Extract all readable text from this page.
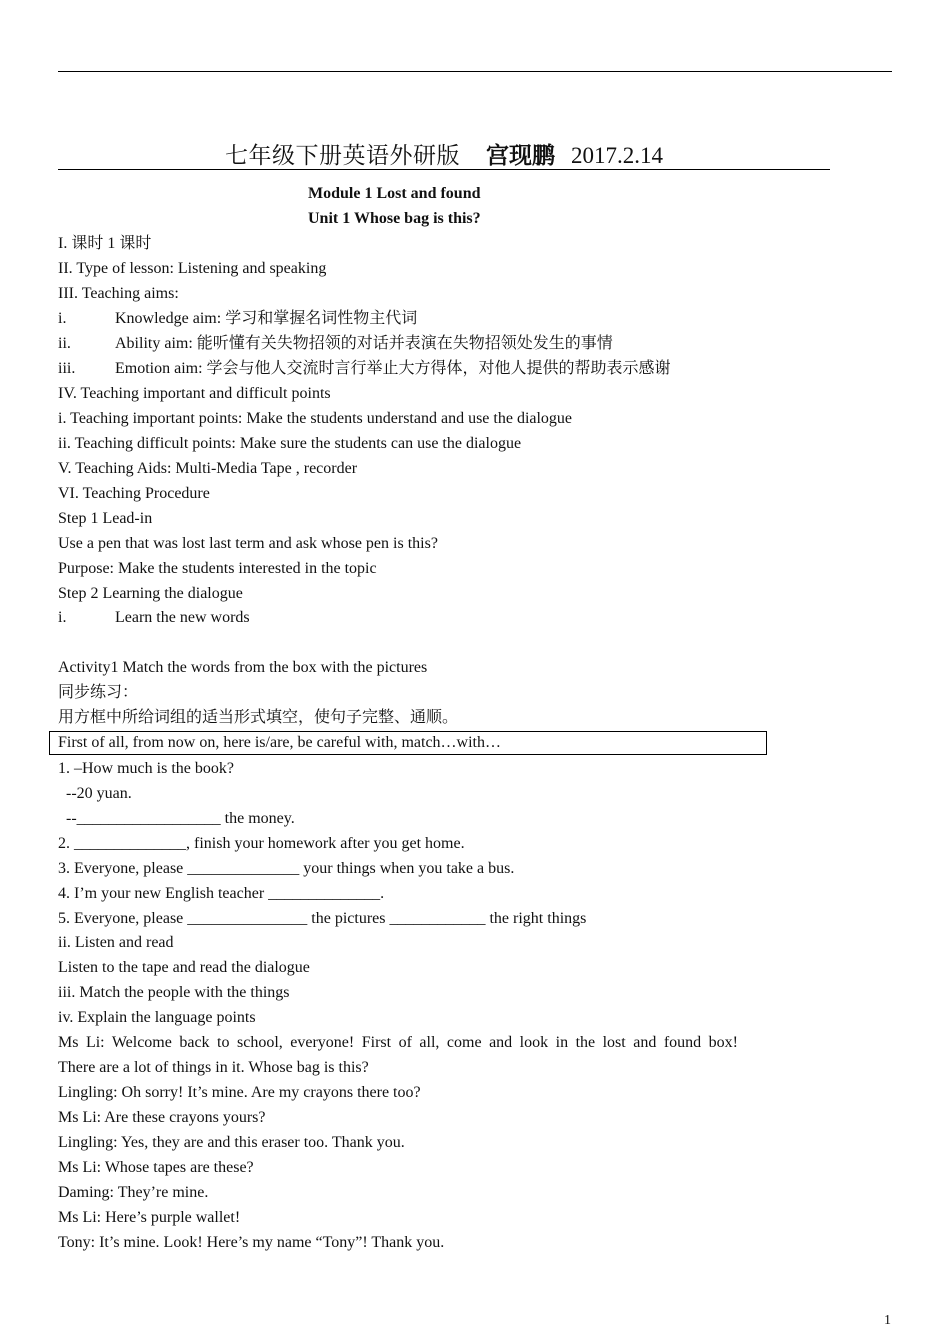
七年级下册英语外研版 宫现鹏 2017.2.14
Module 1 Lost and found
Unit 1 Whose bag is this?
I. 课时 1 课时
II. Type of lesson: Listening and speaking
III. Teaching aims:
i.	Knowledge aim: 学习和掌握名词性物主代词
ii.	Ability aim: 能听懂有关失物招领的对话并表演在失物招领处发生的事情
iii. Emotion aim: 学会与他人交流时言行举止大方得体，对他人提供的帮助表示感谢
IV. Teaching important and difficult points
i. Teaching important points: Make the students understand and use the dialogue
ii. Teaching difficult points: Make sure the students can use the dialogue
V. Teaching Aids: Multi-Media Tape , recorder
VI. Teaching Procedure
Step 1 Lead-in
Use a pen that was lost last term and ask whose pen is this?
Purpose: Make the students interested in the topic
Step 2 Learning the dialogue
i.	Learn the new words
Activity1 Match the words from the box with the pictures
同步练习：
用方框中所给词组的适当形式填空，使句子完整、通顺。
First of all, from now on, here is/are, be careful with, match…with…
1. –How much is the book?
--20 yuan.
--__________________ the money.
2. ______________, finish your homework after you get home.
3. Everyone, please ______________ your things when you take a bus.
4. I’m your new English teacher ______________.
5. Everyone, please _______________ the pictures ____________ the right things
ii. Listen and read
Listen to the tape and read the dialogue
iii. Match the people with the things
iv. Explain the language points
Ms Li: Welcome back to school, everyone! First of all, come and look in the lost and found box!
There are a lot of things in it. Whose bag is this?
Lingling: Oh sorry! It’s mine. Are my crayons there too?
Ms Li: Are these crayons yours?
Lingling: Yes, they are and this eraser too. Thank you.
Ms Li: Whose tapes are these?
Daming: They’re mine.
Ms Li: Here’s purple wallet!
Tony: It’s mine. Look! Here’s my name “Tony”! Thank you.
1
